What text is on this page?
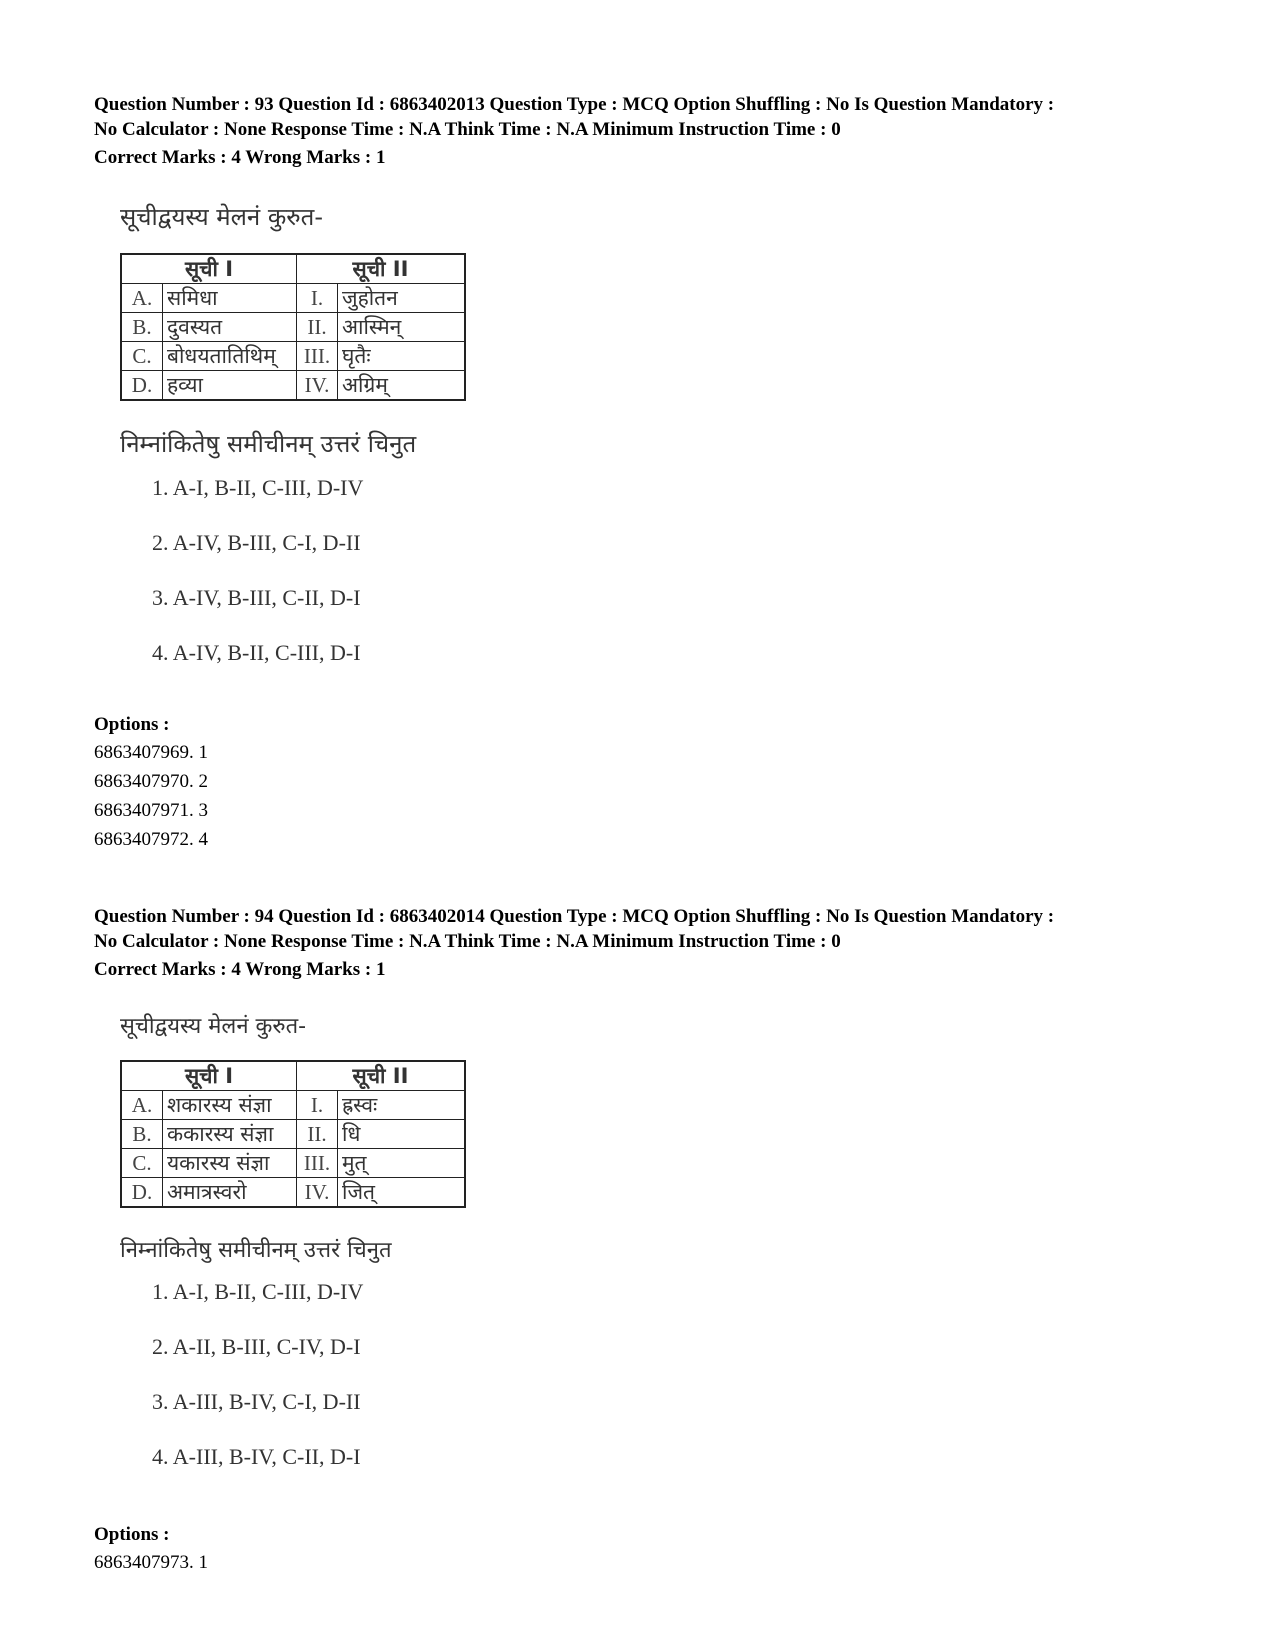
Question Number : 93 Question Id : 6863402013 Question Type : MCQ Option Shuffling : No Is Question Mandatory :

No Calculator : None Response Time : N.A Think Time : N.A Minimum Instruction Time : 0

Correct Marks : 4 Wrong Marks : 1

सूचीद्वयस्य मेलनं कुरुत-

सूची I		सूची II	
A.	समिधा	I.	जुहोतन
B.	दुवस्यत	II.	आस्मिन्
C.	बोधयतातिथिम्	III.	घृतैः
D.	हव्या	IV.	अग्रिम्

निम्नांकितेषु समीचीनम् उत्तरं चिनुत

1. A-I, B-II, C-III, D-IV

2. A-IV, B-III, C-I, D-II

3. A-IV, B-III, C-II, D-I

4. A-IV, B-II, C-III, D-I

Options :

6863407969. 1

6863407970. 2

6863407971. 3

6863407972. 4

Question Number : 94 Question Id : 6863402014 Question Type : MCQ Option Shuffling : No Is Question Mandatory :

No Calculator : None Response Time : N.A Think Time : N.A Minimum Instruction Time : 0

Correct Marks : 4 Wrong Marks : 1

सूचीद्वयस्य मेलनं कुरुत-

सूची I		सूची II	
A.	शकारस्य संज्ञा	I.	ह्रस्वः
B.	ककारस्य संज्ञा	II.	धि
C.	यकारस्य संज्ञा	III.	मुत्
D.	अमात्रस्वरो	IV.	जित्

निम्नांकितेषु समीचीनम् उत्तरं चिनुत

1. A-I, B-II, C-III, D-IV

2. A-II, B-III, C-IV, D-I

3. A-III, B-IV, C-I, D-II

4. A-III, B-IV, C-II, D-I

Options :

6863407973. 1
